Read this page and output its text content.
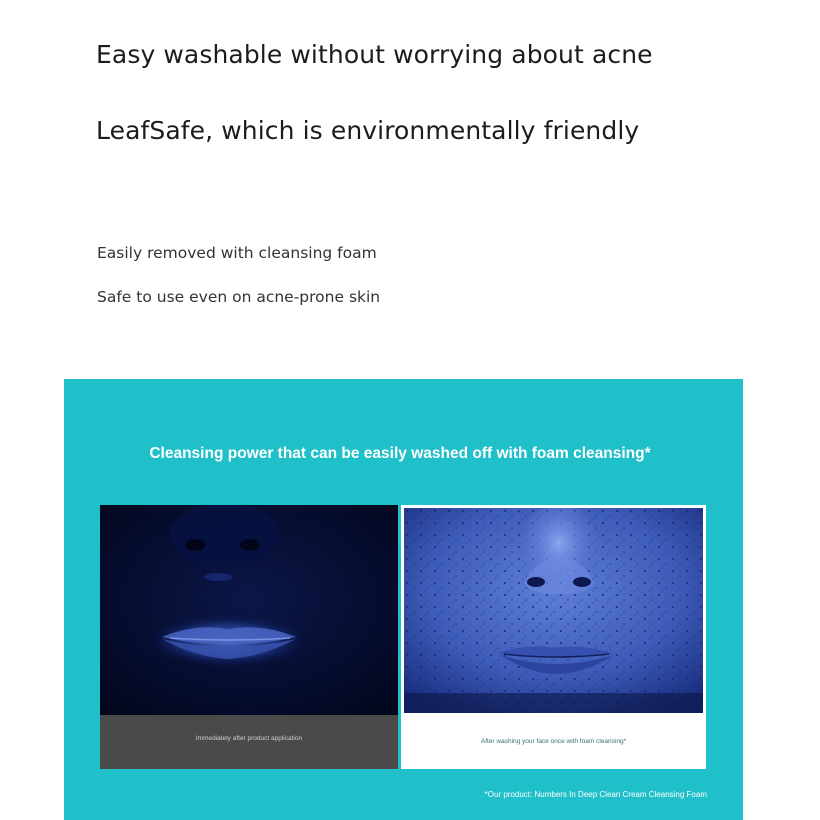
Easy washable without worrying about acne
LeafSafe, which is environmentally friendly

Easily removed with cleansing foam

Safe to use even on acne-prone skin

Cleansing power that can be easily washed off with foam cleansing*
Immediately after product application	After washing your face once with foam cleansing*
*Our product: Numbers In Deep Clean Cream Cleansing Foam
